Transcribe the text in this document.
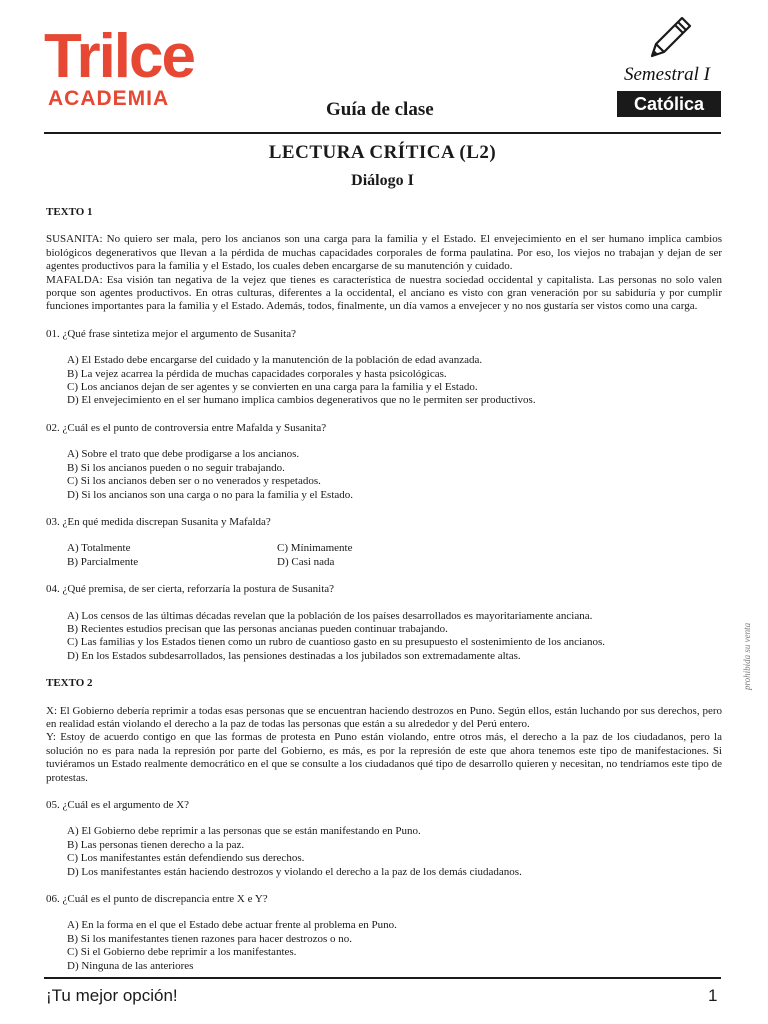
Trilce
ACADEMIA	Guía de clase
Semestral I
Católica
LECTURA CRÍTICA (L2)
Diálogo I

TEXTO 1

SUSANITA: No quiero ser mala, pero los ancianos son una carga para la familia y el Estado. El envejecimiento en el ser humano implica cambios biológicos degenerativos que llevan a la pérdida de muchas capacidades corporales de forma paulatina. Por eso, los viejos no trabajan y dejan de ser agentes productivos para la familia y el Estado, los cuales deben encargarse de su manutención y cuidado.

MAFALDA: Esa visión tan negativa de la vejez que tienes es característica de nuestra sociedad occidental y capitalista. Las personas no solo valen porque son agentes productivos. En otras culturas, diferentes a la occidental, el anciano es visto con gran veneración por su sabiduría y por cumplir funciones importantes para la familia y el Estado. Además, todos, finalmente, un día vamos a envejecer y no nos gustaría ser vistos como una carga.

01. ¿Qué frase sintetiza mejor el argumento de Susanita?

A) El Estado debe encargarse del cuidado y la manutención de la población de edad avanzada.
B) La vejez acarrea la pérdida de muchas capacidades corporales y hasta psicológicas.
C) Los ancianos dejan de ser agentes y se convierten en una carga para la familia y el Estado.
D) El envejecimiento en el ser humano implica cambios degenerativos que no le permiten ser productivos.

02. ¿Cuál es el punto de controversia entre Mafalda y Susanita?

A) Sobre el trato que debe prodigarse a los ancianos.
B) Si los ancianos pueden o no seguir trabajando.
C) Si los ancianos deben ser o no venerados y respetados.
D) Si los ancianos son una carga o no para la familia y el Estado.

03. ¿En qué medida discrepan Susanita y Mafalda?

A) Totalmente	C) Mínimamente
B) Parcialmente	D) Casi nada

04. ¿Qué premisa, de ser cierta, reforzaría la postura de Susanita?

A) Los censos de las últimas décadas revelan que la población de los países desarrollados es mayoritariamente anciana.
B) Recientes estudios precisan que las personas ancianas pueden continuar trabajando.
C) Las familias y los Estados tienen como un rubro de cuantioso gasto en su presupuesto el sostenimiento de los ancianos.
D) En los Estados subdesarrollados, las pensiones destinadas a los jubilados son extremadamente altas.

TEXTO 2

X: El Gobierno debería reprimir a todas esas personas que se encuentran haciendo destrozos en Puno. Según ellos, están luchando por sus derechos, pero en realidad están violando el derecho a la paz de todas las personas que están a su alrededor y del Perú entero.

Y: Estoy de acuerdo contigo en que las formas de protesta en Puno están violando, entre otros más, el derecho a la paz de los ciudadanos, pero la solución no es para nada la represión por parte del Gobierno, es más, es por la represión de este que ahora tenemos este tipo de manifestaciones. Si tuviéramos un Estado realmente democrático en el que se consulte a los ciudadanos qué tipo de desarrollo quieren y necesitan, no tendríamos este tipo de protestas.

05. ¿Cuál es el argumento de X?

A) El Gobierno debe reprimir a las personas que se están manifestando en Puno.
B) Las personas tienen derecho a la paz.
C) Los manifestantes están defendiendo sus derechos.
D) Los manifestantes están haciendo destrozos y violando el derecho a la paz de los demás ciudadanos.

06. ¿Cuál es el punto de discrepancia entre X e Y?

A) En la forma en el que el Estado debe actuar frente al problema en Puno.
B) Si los manifestantes tienen razones para hacer destrozos o no.
C) Si el Gobierno debe reprimir a los manifestantes.
D) Ninguna de las anteriores
prohibida su venta
¡Tu mejor opción!	1
